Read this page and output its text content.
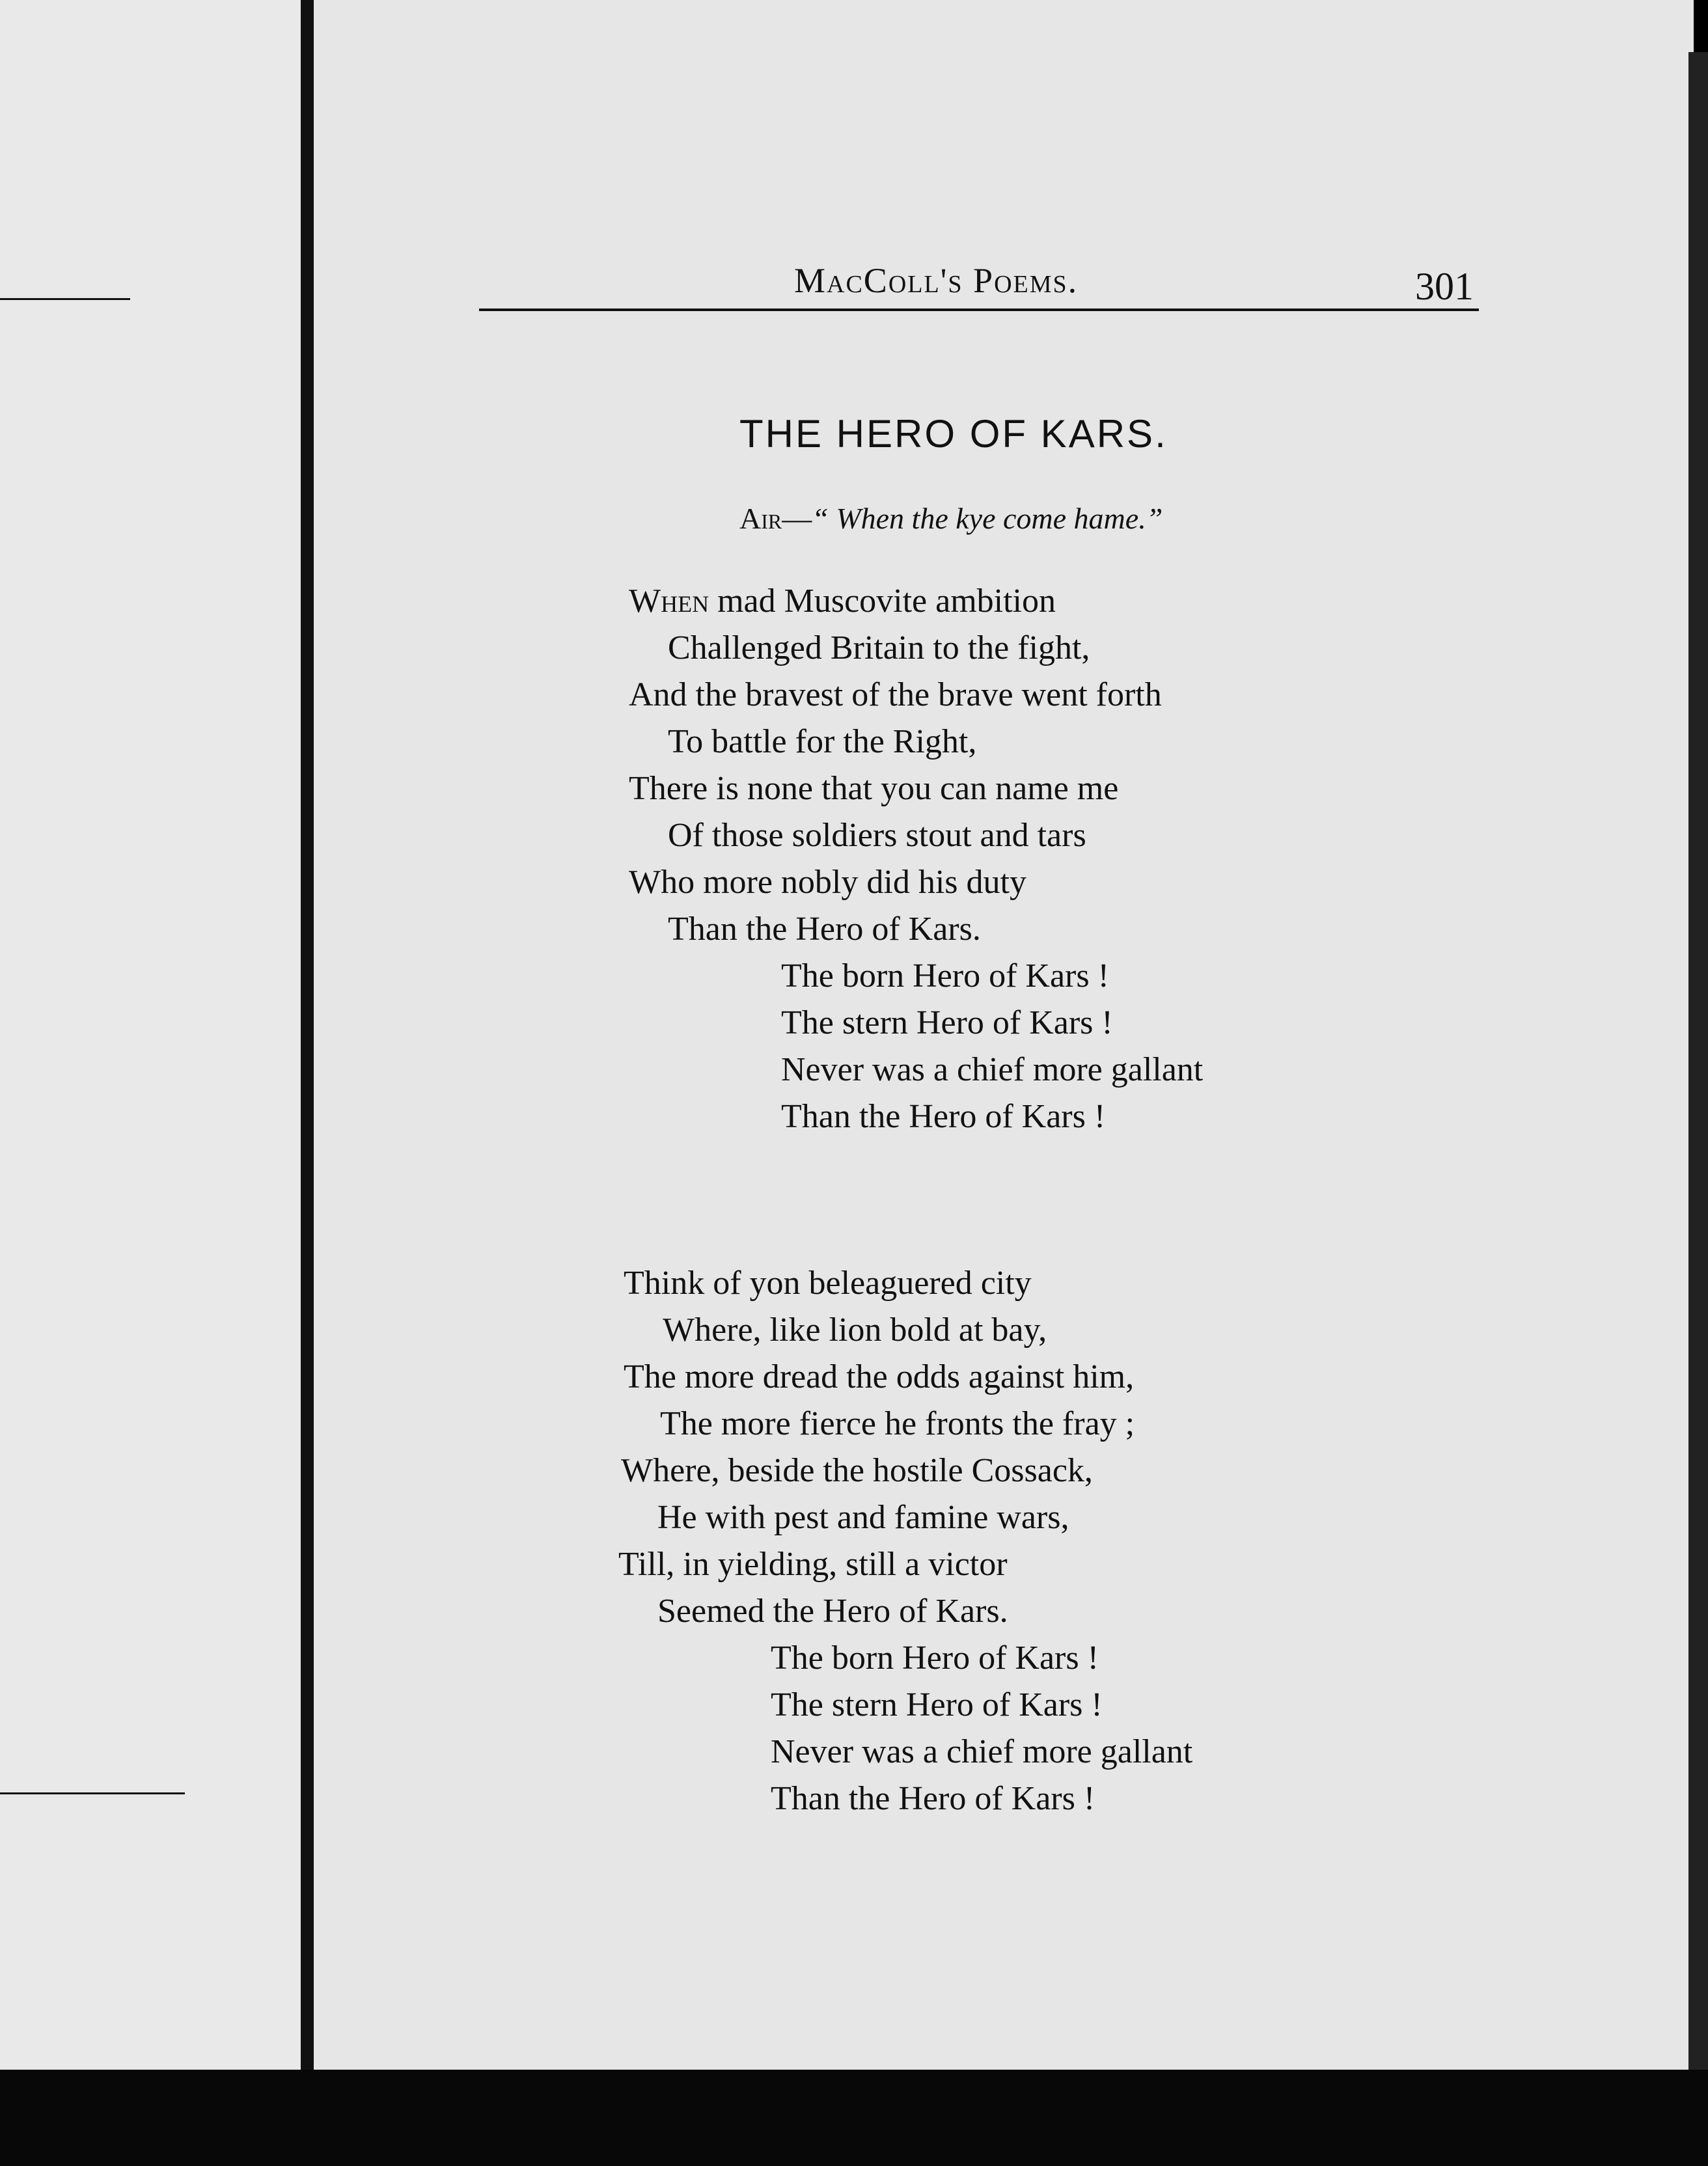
MacColl's Poems.	301
THE HERO OF KARS.
Air—“ When the kye come hame.”
When mad Muscovite ambition
Challenged Britain to the fight,
And the bravest of the brave went forth
To battle for the Right,
There is none that you can name me
Of those soldiers stout and tars
Who more nobly did his duty
Than the Hero of Kars.
The born Hero of Kars !
The stern Hero of Kars !
Never was a chief more gallant
Than the Hero of Kars !
Think of yon beleaguered city
Where, like lion bold at bay,
The more dread the odds against him,
The more fierce he fronts the fray ;
Where, beside the hostile Cossack,
He with pest and famine wars,
Till, in yielding, still a victor
Seemed the Hero of Kars.
The born Hero of Kars !
The stern Hero of Kars !
Never was a chief more gallant
Than the Hero of Kars !
